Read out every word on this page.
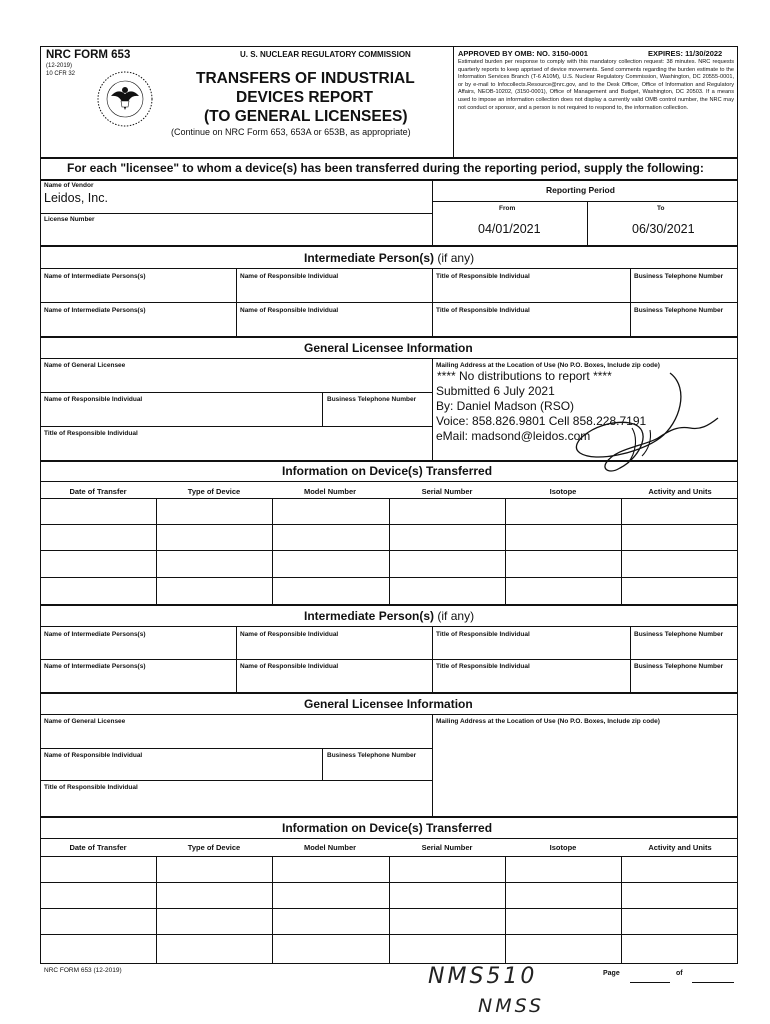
NRC FORM 653
(12-2019)
10 CFR 32
U. S. NUCLEAR REGULATORY COMMISSION
TRANSFERS OF INDUSTRIAL
DEVICES REPORT
(TO GENERAL LICENSEES)
(Continue on NRC Form 653, 653A or 653B, as appropriate)
APPROVED BY OMB: NO. 3150-0001	EXPIRES: 11/30/2022
Estimated burden per response to comply with this mandatory collection request: 38 minutes. NRC requests quarterly reports to keep apprised of device movements. Send comments regarding the burden estimate to the Information Services Branch (T-6 A10M), U.S. Nuclear Regulatory Commission, Washington, DC 20555-0001, or by e-mail to Infocollects.Resource@nrc.gov, and to the Desk Officer, Office of Information and Regulatory Affairs, NEOB-10202, (3150-0001), Office of Management and Budget, Washington, DC 20503. If a means used to impose an information collection does not display a currently valid OMB control number, the NRC may not conduct or sponsor, and a person is not required to respond to, the information collection.
For each "licensee" to whom a device(s) has been transferred during the reporting period, supply the following:
Name of Vendor
Leidos, Inc.
License Number
Reporting Period
From	To
04/01/2021	06/30/2021
Intermediate Person(s) (if any)
Name of Intermediate Persons(s)	Name of Responsible Individual	Title of Responsible Individual	Business Telephone Number
Name of Intermediate Persons(s)	Name of Responsible Individual	Title of Responsible Individual	Business Telephone Number
General Licensee Information
Name of General Licensee
Name of Responsible Individual	Business Telephone Number
Title of Responsible Individual
Mailing Address at the Location of Use (No P.O. Boxes, Include zip code)
**** No distributions to report ****
Submitted 6 July 2021
By: Daniel Madson (RSO)
Voice: 858.826.9801 Cell 858.228.7191
eMail: madsond@leidos.com
Information on Device(s) Transferred
Date of Transfer	Type of Device	Model Number	Serial Number	Isotope	Activity and Units
Intermediate Person(s) (if any)
Name of Intermediate Persons(s)	Name of Responsible Individual	Title of Responsible Individual	Business Telephone Number
Name of Intermediate Persons(s)	Name of Responsible Individual	Title of Responsible Individual	Business Telephone Number
General Licensee Information
Name of General Licensee
Name of Responsible Individual	Business Telephone Number
Title of Responsible Individual
Mailing Address at the Location of Use (No P.O. Boxes, Include zip code)
Information on Device(s) Transferred
Date of Transfer	Type of Device	Model Number	Serial Number	Isotope	Activity and Units
NRC FORM 653 (12-2019)	Page	of
NMS510
NMSS
